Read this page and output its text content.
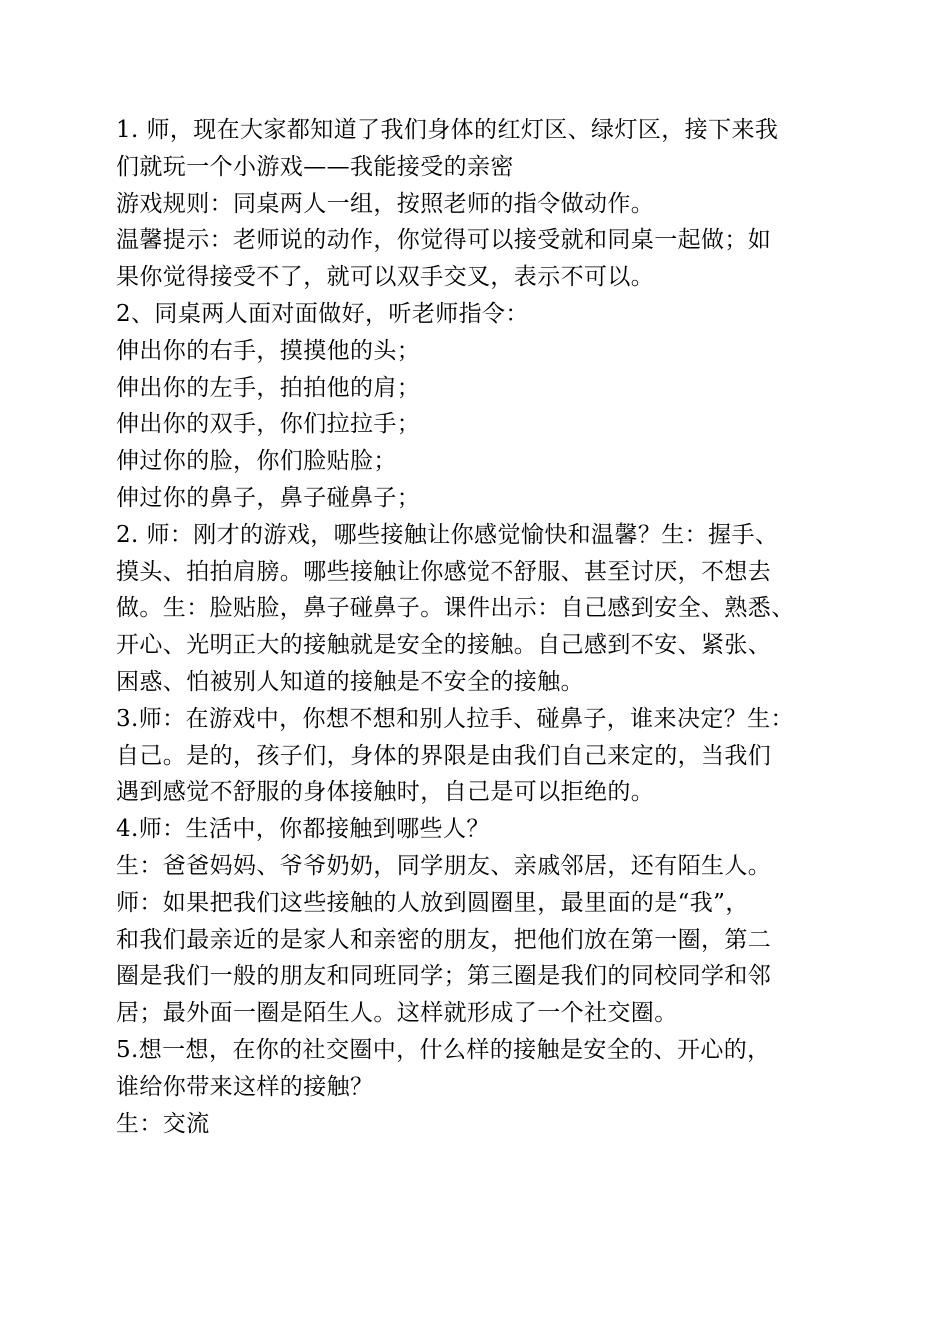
1. 师，现在大家都知道了我们身体的红灯区、绿灯区，接下来我
们就玩一个小游戏——我能接受的亲密
游戏规则：同桌两人一组，按照老师的指令做动作。
温馨提示：老师说的动作，你觉得可以接受就和同桌一起做；如
果你觉得接受不了，就可以双手交叉，表示不可以。
2、同桌两人面对面做好，听老师指令：
伸出你的右手，摸摸他的头；
伸出你的左手，拍拍他的肩；
伸出你的双手，你们拉拉手；
伸过你的脸，你们脸贴脸；
伸过你的鼻子，鼻子碰鼻子；
2. 师：刚才的游戏，哪些接触让你感觉愉快和温馨？生：握手、
摸头、拍拍肩膀。哪些接触让你感觉不舒服、甚至讨厌，不想去
做。生：脸贴脸，鼻子碰鼻子。课件出示：自己感到安全、熟悉、
开心、光明正大的接触就是安全的接触。自己感到不安、紧张、
困惑、怕被别人知道的接触是不安全的接触。
3.师：在游戏中，你想不想和别人拉手、碰鼻子，谁来决定？生：
自己。是的，孩子们，身体的界限是由我们自己来定的，当我们
遇到感觉不舒服的身体接触时，自己是可以拒绝的。
4.师：生活中，你都接触到哪些人？
生：爸爸妈妈、爷爷奶奶，同学朋友、亲戚邻居，还有陌生人。
师：如果把我们这些接触的人放到圆圈里，最里面的是“我”，
和我们最亲近的是家人和亲密的朋友，把他们放在第一圈，第二
圈是我们一般的朋友和同班同学；第三圈是我们的同校同学和邻
居；最外面一圈是陌生人。这样就形成了一个社交圈。
5.想一想，在你的社交圈中，什么样的接触是安全的、开心的，
谁给你带来这样的接触？
生：交流
